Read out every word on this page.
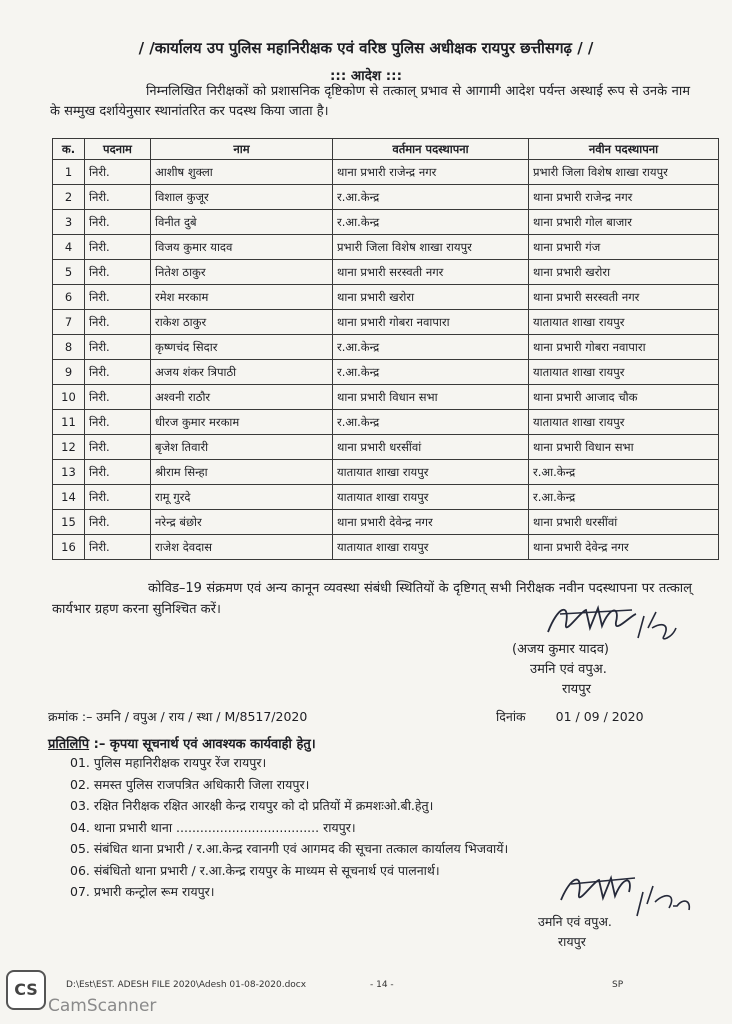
/ /कार्यालय उप पुलिस महानिरीक्षक एवं वरिष्ठ पुलिस अधीक्षक रायपुर छत्तीसगढ़ / /
::: आदेश :::

निम्नलिखित निरीक्षकों को प्रशासनिक दृष्टिकोण से तत्काल् प्रभाव से आगामी आदेश पर्यन्त अस्थाई रूप से उनके नाम के सम्मुख दर्शायेनुसार स्थानांतरित कर पदस्थ किया जाता है।

क.	पदनाम	नाम	वर्तमान पदस्थापना	नवीन पदस्थापना
1	निरी.	आशीष शुक्ला	थाना प्रभारी राजेन्द्र नगर	प्रभारी जिला विशेष शाखा रायपुर
2	निरी.	विशाल कुजूर	र.आ.केन्द्र	थाना प्रभारी राजेन्द्र नगर
3	निरी.	विनीत दुबे	र.आ.केन्द्र	थाना प्रभारी गोल बाजार
4	निरी.	विजय कुमार यादव	प्रभारी जिला विशेष शाखा रायपुर	थाना प्रभारी गंज
5	निरी.	नितेश ठाकुर	थाना प्रभारी सरस्वती नगर	थाना प्रभारी खरोरा
6	निरी.	रमेश मरकाम	थाना प्रभारी खरोरा	थाना प्रभारी सरस्वती नगर
7	निरी.	राकेश ठाकुर	थाना प्रभारी गोबरा नवापारा	यातायात शाखा रायपुर
8	निरी.	कृष्णचंद सिदार	र.आ.केन्द्र	थाना प्रभारी गोबरा नवापारा
9	निरी.	अजय शंकर त्रिपाठी	र.आ.केन्द्र	यातायात शाखा रायपुर
10	निरी.	अश्वनी राठौर	थाना प्रभारी विधान सभा	थाना प्रभारी आजाद चौक
11	निरी.	धीरज कुमार मरकाम	र.आ.केन्द्र	यातायात शाखा रायपुर
12	निरी.	बृजेश तिवारी	थाना प्रभारी धरसींवां	थाना प्रभारी विधान सभा
13	निरी.	श्रीराम सिन्हा	यातायात शाखा रायपुर	र.आ.केन्द्र
14	निरी.	रामू गुरदे	यातायात शाखा रायपुर	र.आ.केन्द्र
15	निरी.	नरेन्द्र बंछोर	थाना प्रभारी देवेन्द्र नगर	थाना प्रभारी धरसींवां
16	निरी.	राजेश देवदास	यातायात शाखा रायपुर	थाना प्रभारी देवेन्द्र नगर

कोविड–19 संक्रमण एवं अन्य कानून व्यवस्था संबंधी स्थितियों के दृष्टिगत् सभी निरीक्षक नवीन पदस्थापना पर तत्काल् कार्यभार ग्रहण करना सुनिश्चित करें।

(अजय कुमार यादव)
उमनि एवं वपुअ.
रायपुर
क्रमांक :– उमनि / वपुअ / राय / स्था / M/8517/2020	दिनांक 01 / 09 / 2020
प्रतिलिपि :– कृपया सूचनार्थ एवं आवश्यक कार्यवाही हेतु।
01. पुलिस महानिरीक्षक रायपुर रेंज रायपुर।
02. समस्त पुलिस राजपत्रित अधिकारी जिला रायपुर।
03. रक्षित निरीक्षक रक्षित आरक्षी केन्द्र रायपुर को दो प्रतियों में क्रमशःओ.बी.हेतु।
04. थाना प्रभारी थाना .................................... रायपुर।
05. संबंधित थाना प्रभारी / र.आ.केन्द्र रवानगी एवं आगमद की सूचना तत्काल कार्यालय भिजवायें।
06. संबंधितो थाना प्रभारी / र.आ.केन्द्र रायपुर के माध्यम से सूचनार्थ एवं पालनार्थ।
07. प्रभारी कन्ट्रोल रूम रायपुर।
उमनि एवं वपुअ.
रायपुर
D:\Est\EST. ADESH FILE 2020\Adesh 01-08-2020.docx	- 14 -	SP
CS
CamScanner
